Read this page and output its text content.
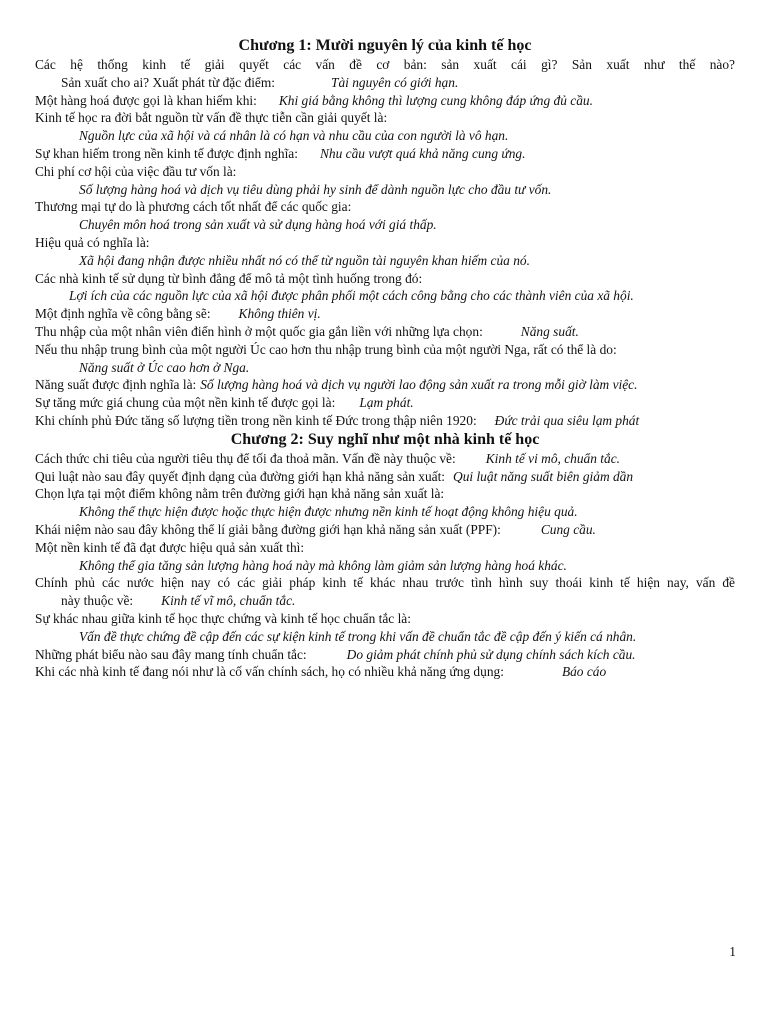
Chương 1: Mười nguyên lý của kinh tế học

Các hệ thống kinh tế giải quyết các vấn đề cơ bản: sản xuất cái gì? Sản xuất như thế nào?

Sản xuất cho ai? Xuất phát từ đặc điểm:	Tài nguyên có giới hạn.

Một hàng hoá được gọi là khan hiếm khi: Khi giá bằng không thì lượng cung không đáp ứng đủ cầu.

Kinh tế học ra đời bắt nguồn từ vấn đề thực tiễn cần giải quyết là:

Nguồn lực của xã hội và cá nhân là có hạn và nhu cầu của con người là vô hạn.

Sự khan hiếm trong nền kinh tế được định nghĩa: Nhu cầu vượt quá khả năng cung ứng.

Chi phí cơ hội của việc đầu tư vốn là:

Số lượng hàng hoá và dịch vụ tiêu dùng phải hy sinh để dành nguồn lực cho đầu tư vốn.

Thương mại tự do là phương cách tốt nhất để các quốc gia:

Chuyên môn hoá trong sản xuất và sử dụng hàng hoá với giá thấp.

Hiệu quả có nghĩa là:

Xã hội đang nhận được nhiều nhất nó có thể từ nguồn tài nguyên khan hiếm của nó.

Các nhà kinh tế sử dụng từ bình đẳng để mô tả một tình huống trong đó:

Lợi ích của các nguồn lực của xã hội được phân phối một cách công bằng cho các thành viên của xã hội.

Một định nghĩa về công bằng sẽ: Không thiên vị.

Thu nhập của một nhân viên điển hình ở một quốc gia gắn liền với những lựa chọn:	Năng suất.

Nếu thu nhập trung bình của một người Úc cao hơn thu nhập trung bình của một người Nga, rất có thể là do:

Năng suất ở Úc cao hơn ở Nga.

Năng suất được định nghĩa là: Số lượng hàng hoá và dịch vụ người lao động sản xuất ra trong mỗi giờ làm việc.

Sự tăng mức giá chung của một nền kinh tế được gọi là: Lạm phát.

Khi chính phủ Đức tăng số lượng tiền trong nền kinh tế Đức trong thập niên 1920: Đức trải qua siêu lạm phát

Chương 2: Suy nghĩ như một nhà kinh tế học

Cách thức chi tiêu của người tiêu thụ để tối đa thoả mãn. Vấn đề này thuộc về: Kinh tế vi mô, chuẩn tắc.

Qui luật nào sau đây quyết định dạng của đường giới hạn khả năng sản xuất: Qui luật năng suất biên giảm dần

Chọn lựa tại một điểm không nằm trên đường giới hạn khả năng sản xuất là:

Không thể thực hiện được hoặc thực hiện được nhưng nền kinh tế hoạt động không hiệu quả.

Khái niệm nào sau đây không thể lí giải bằng đường giới hạn khả năng sản xuất (PPF):	Cung cầu.

Một nền kinh tế đã đạt được hiệu quả sản xuất thì:

Không thể gia tăng sản lượng hàng hoá này mà không làm giảm sản lượng hàng hoá khác.

Chính phủ các nước hiện nay có các giải pháp kinh tế khác nhau trước tình hình suy thoái kinh tế hiện nay, vấn đề

này thuộc về: Kinh tế vĩ mô, chuẩn tắc.

Sự khác nhau giữa kinh tế học thực chứng và kinh tế học chuẩn tắc là:

Vấn đề thực chứng đề cập đến các sự kiện kinh tế trong khi vấn đề chuẩn tắc đề cập đến ý kiến cá nhân.

Những phát biểu nào sau đây mang tính chuẩn tắc:	Do giảm phát chính phủ sử dụng chính sách kích cầu.

Khi các nhà kinh tế đang nói như là cố vấn chính sách, họ có nhiều khả năng ứng dụng:	Báo cáo

1
